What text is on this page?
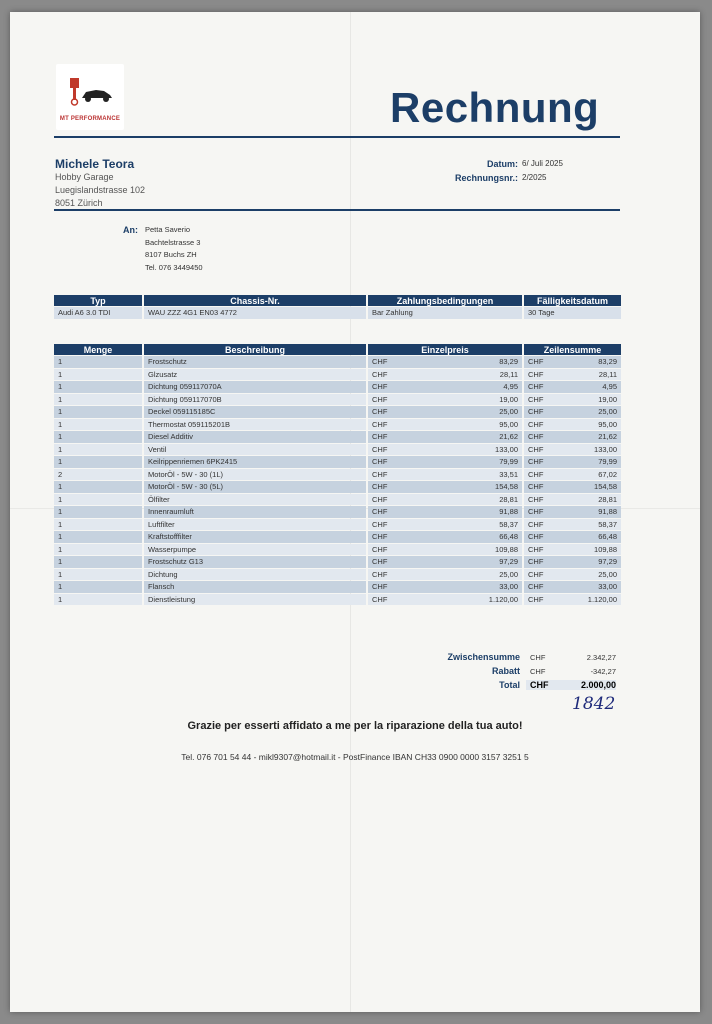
MT PERFORMANCE	Rechnung
Michele Teora
Hobby Garage
Luegislandstrasse 102
8051 Zürich
Datum: 6/ Juli 2025
Rechnungsnr.: 2/2025
An: Petta Saverio
Bachtelstrasse 3
8107 Buchs ZH
Tel. 076 3449450
Typ	Chassis-Nr.	Zahlungsbedingungen	Fälligkeitsdatum
Audi A6 3.0 TDI	WAU ZZZ 4G1 EN03 4772	Bar Zahlung	30 Tage
Menge	Beschreibung	Einzelpreis	Zeilensumme
1	Frostschutz	CHF 83,29	CHF 83,29

1	Glzusatz	CHF 28,11	CHF 28,11

1	Dichtung 059117070A	CHF 4,95	CHF 4,95

1	Dichtung 059117070B	CHF 19,00	CHF 19,00

1	Deckel 059115185C	CHF 25,00	CHF 25,00

1	Thermostat 059115201B	CHF 95,00	CHF 95,00

1	Diesel Additiv	CHF 21,62	CHF 21,62

1	Ventil	CHF 133,00	CHF 133,00

1	Keilrippenriemen 6PK2415	CHF 79,99	CHF 79,99

2	MotorÖl - 5W - 30 (1L)	CHF 33,51	CHF 67,02

1	MotorÖl - 5W - 30 (5L)	CHF 154,58	CHF 154,58

1	Ölfilter	CHF 28,81	CHF 28,81

1	Innenraumluft	CHF 91,88	CHF 91,88

1	Luftfilter	CHF 58,37	CHF 58,37

1	Kraftstofffilter	CHF 66,48	CHF 66,48

1	Wasserpumpe	CHF 109,88	CHF 109,88

1	Frostschutz G13	CHF 97,29	CHF 97,29

1	Dichtung	CHF 25,00	CHF 25,00

1	Flansch	CHF 33,00	CHF 33,00

1	Dienstleistung	CHF 1.120,00	CHF 1.120,00
Zwischensumme	CHF	2.342,27
Rabatt	CHF	-342,27
Total	CHF	2.000,00
1842
Grazie per esserti affidato a me per la riparazione della tua auto!
Tel. 076 701 54 44 - mikl9307@hotmail.it - PostFinance IBAN CH33 0900 0000 3157 3251 5
